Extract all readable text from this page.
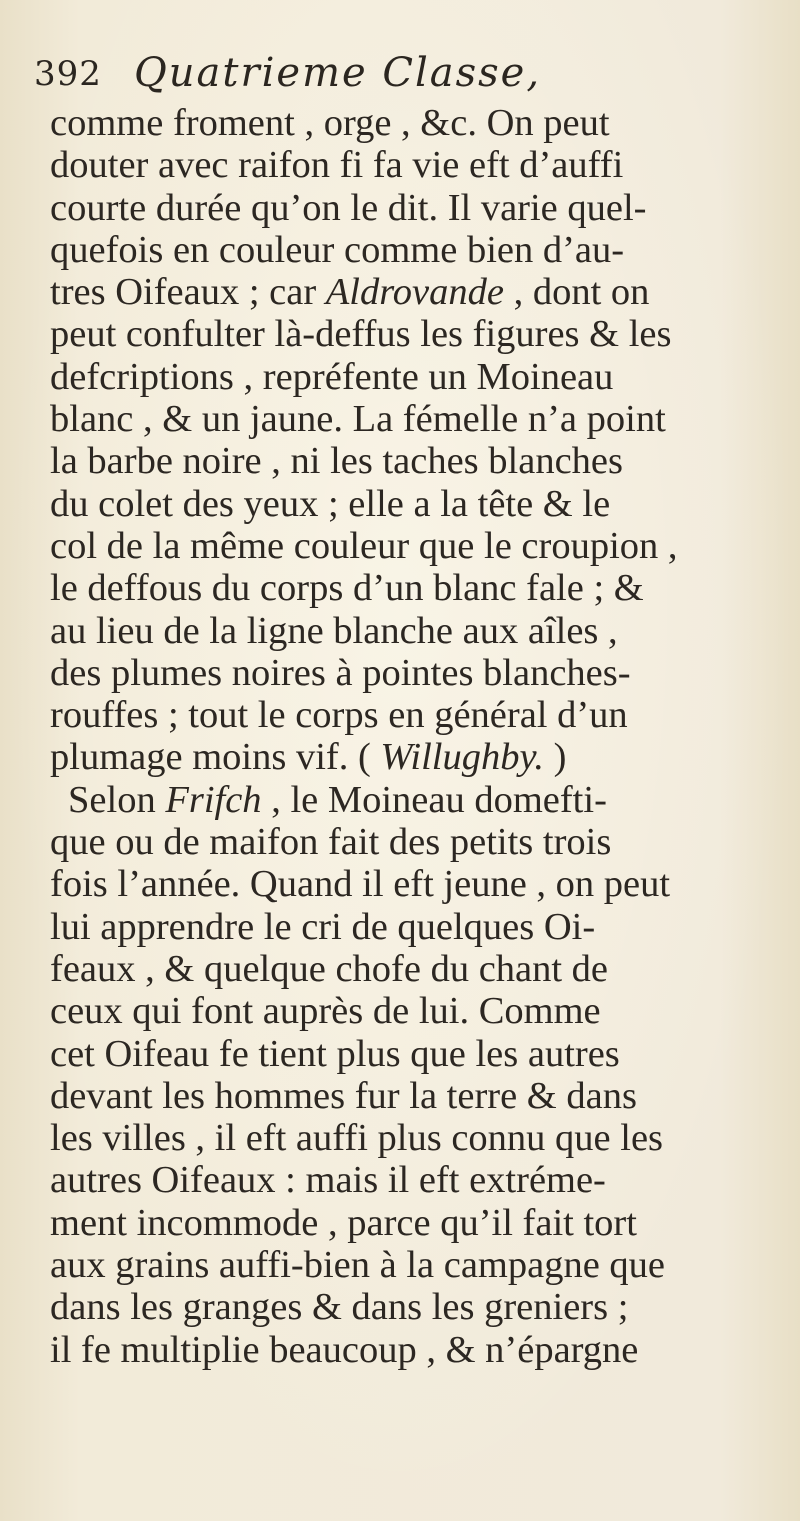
392 Quatrieme Classe,
comme froment , orge , &c. On peut
douter avec raifon fi fa vie eft d’auffi
courte durée qu’on le dit. Il varie quel-
quefois en couleur comme bien d’au-
tres Oifeaux ; car Aldrovande , dont on
peut confulter là-deffus les figures & les
defcriptions , repréfente un Moineau
blanc , & un jaune. La fémelle n’a point
la barbe noire , ni les taches blanches
du colet des yeux ; elle a la tête & le
col de la même couleur que le croupion ,
le deffous du corps d’un blanc fale ; &
au lieu de la ligne blanche aux aîles ,
des plumes noires à pointes blanches-
rouffes ; tout le corps en général d’un
plumage moins vif. ( Willughby. )
Selon Frifch , le Moineau domefti-
que ou de maifon fait des petits trois
fois l’année. Quand il eft jeune , on peut
lui apprendre le cri de quelques Oi-
feaux , & quelque chofe du chant de
ceux qui font auprès de lui. Comme
cet Oifeau fe tient plus que les autres
devant les hommes fur la terre & dans
les villes , il eft auffi plus connu que les
autres Oifeaux : mais il eft extréme-
ment incommode , parce qu’il fait tort
aux grains auffi-bien à la campagne que
dans les granges & dans les greniers ;
il fe multiplie beaucoup , & n’épargne
